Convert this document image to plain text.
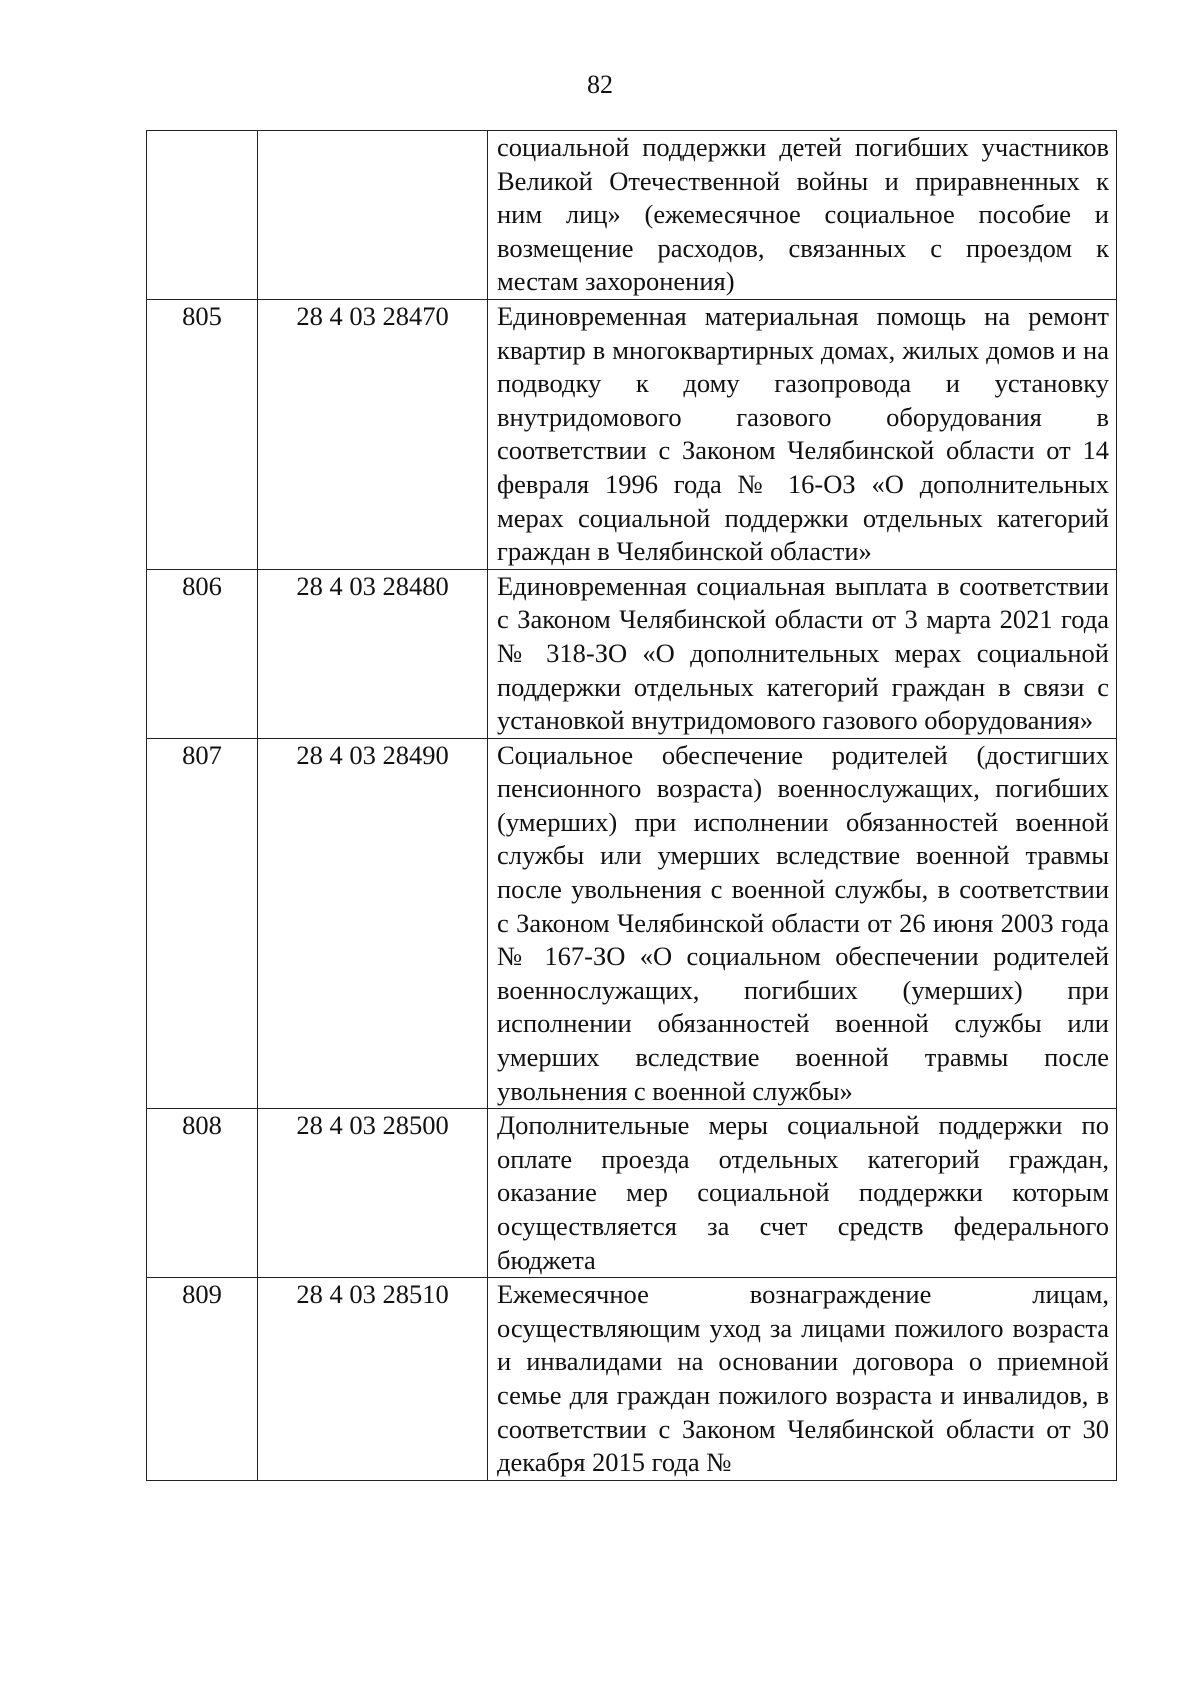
82
		социальной поддержки детей погибших участников Великой Отечественной войны и приравненных к ним лиц» (ежемесячное социальное пособие и возмещение расходов, связанных с проездом к местам захоронения)
805	28 4 03 28470	Единовременная материальная помощь на ремонт квартир в многоквартирных домах, жилых домов и на подводку к дому газопровода и установку внутридомового газового оборудования в соответствии с Законом Челябинской области от 14 февраля 1996 года № 16-ОЗ «О дополнительных мерах социальной поддержки отдельных категорий граждан в Челябинской области»
806	28 4 03 28480	Единовременная социальная выплата в соответствии с Законом Челябинской области от 3 марта 2021 года № 318-ЗО «О дополнительных мерах социальной поддержки отдельных категорий граждан в связи с установкой внутридомового газового оборудования»
807	28 4 03 28490	Социальное обеспечение родителей (достигших пенсионного возраста) военнослужащих, погибших (умерших) при исполнении обязанностей военной службы или умерших вследствие военной травмы после увольнения с военной службы, в соответствии с Законом Челябинской области от 26 июня 2003 года № 167-ЗО «О социальном обеспечении родителей военнослужащих, погибших (умерших) при исполнении обязанностей военной службы или умерших вследствие военной травмы после увольнения с военной службы»
808	28 4 03 28500	Дополнительные меры социальной поддержки по оплате проезда отдельных категорий граждан, оказание мер социальной поддержки которым осуществляется за счет средств федерального бюджета
809	28 4 03 28510	Ежемесячное вознаграждение лицам, осуществляющим уход за лицами пожилого возраста и инвалидами на основании договора о приемной семье для граждан пожилого возраста и инвалидов, в соответствии с Законом Челябинской области от 30 декабря 2015 года №
